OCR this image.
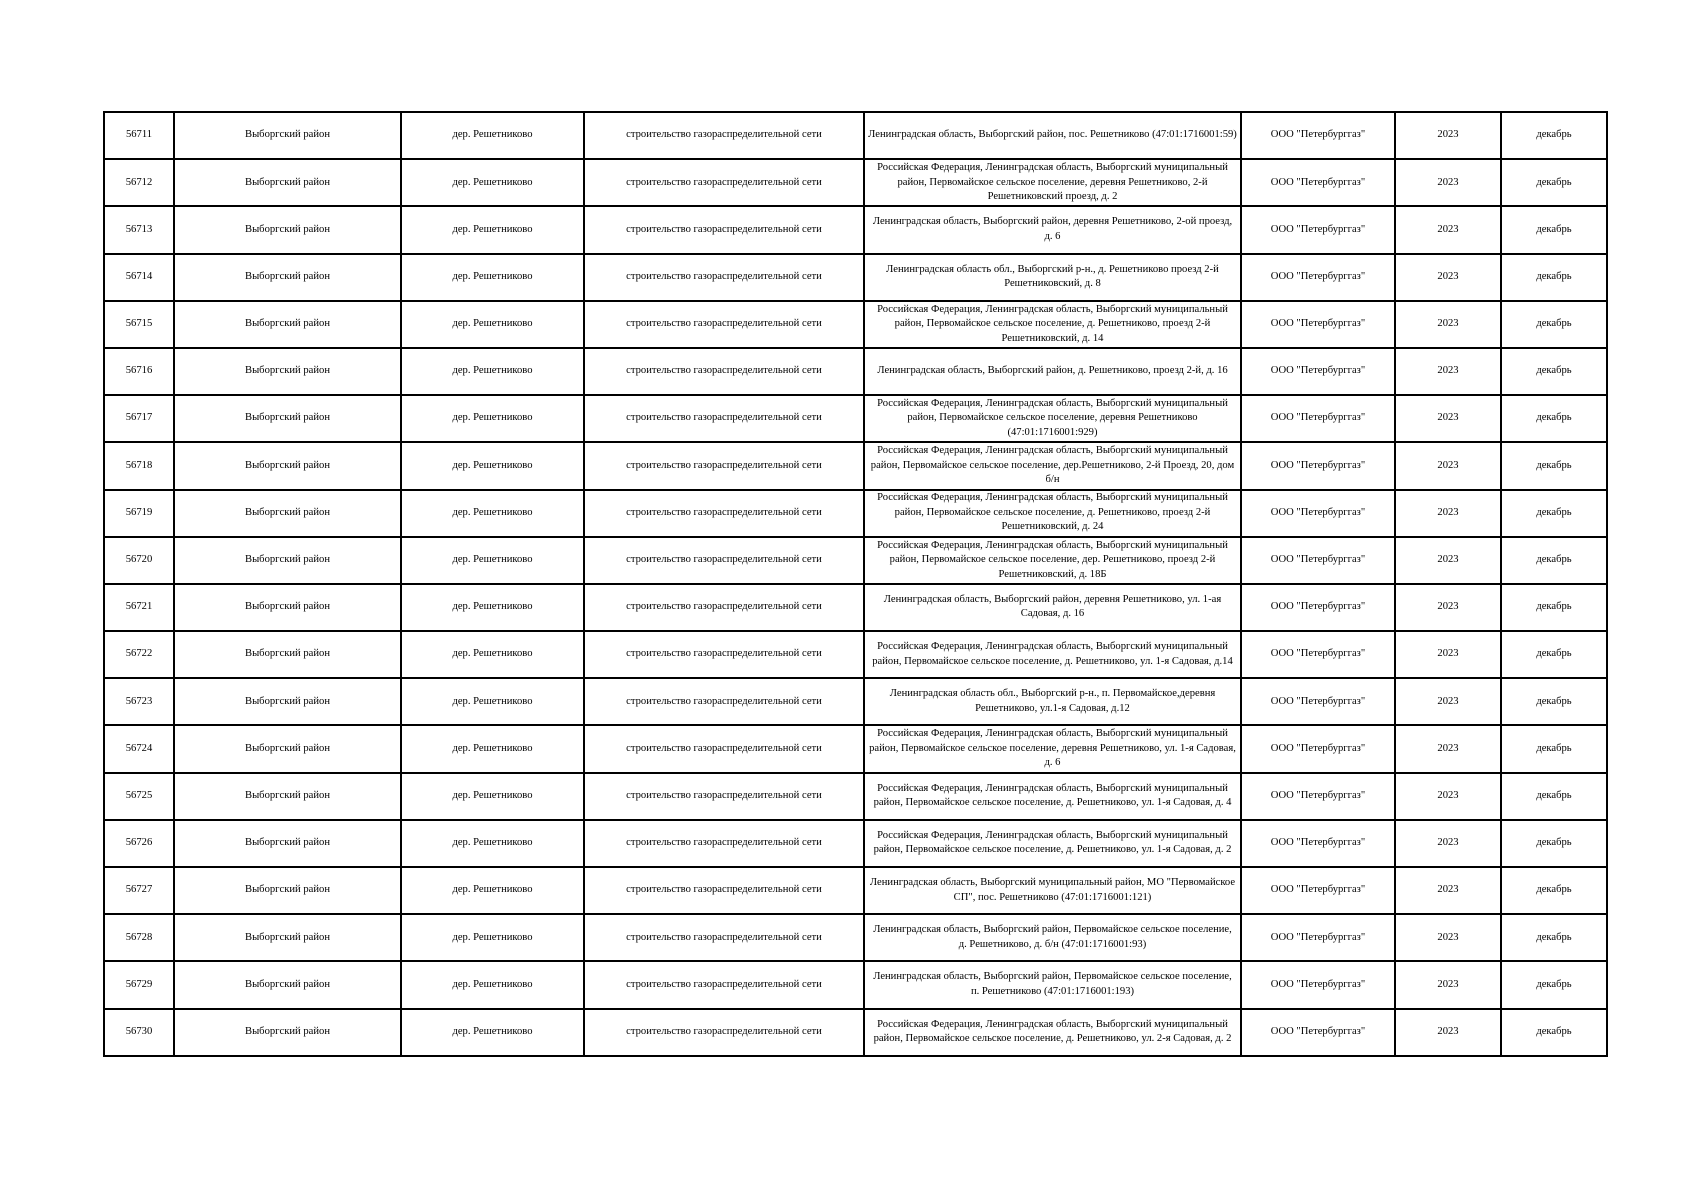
56711	Выборгский район	дер. Решетниково	строительство газораспределительной сети	Ленинградская область, Выборгский район, пос. Решетниково (47:01:1716001:59)	ООО "Петербурггаз"	2023	декабрь
56712	Выборгский район	дер. Решетниково	строительство газораспределительной сети	Российская Федерация, Ленинградская область, Выборгский муниципальный район, Первомайское сельское поселение, деревня Решетниково, 2-й Решетниковский проезд, д. 2	ООО "Петербурггаз"	2023	декабрь
56713	Выборгский район	дер. Решетниково	строительство газораспределительной сети	Ленинградская область, Выборгский район, деревня Решетниково, 2-ой проезд, д. 6	ООО "Петербурггаз"	2023	декабрь
56714	Выборгский район	дер. Решетниково	строительство газораспределительной сети	Ленинградская область обл., Выборгский р-н., д. Решетниково проезд 2-й Решетниковский, д. 8	ООО "Петербурггаз"	2023	декабрь
56715	Выборгский район	дер. Решетниково	строительство газораспределительной сети	Российская Федерация, Ленинградская область, Выборгский муниципальный район, Первомайское сельское поселение, д. Решетниково, проезд 2-й Решетниковский, д. 14	ООО "Петербурггаз"	2023	декабрь
56716	Выборгский район	дер. Решетниково	строительство газораспределительной сети	Ленинградская область, Выборгский район, д. Решетниково, проезд 2-й, д. 16	ООО "Петербурггаз"	2023	декабрь
56717	Выборгский район	дер. Решетниково	строительство газораспределительной сети	Российская Федерация, Ленинградская область, Выборгский муниципальный район, Первомайское сельское поселение, деревня Решетниково (47:01:1716001:929)	ООО "Петербурггаз"	2023	декабрь
56718	Выборгский район	дер. Решетниково	строительство газораспределительной сети	Российская Федерация, Ленинградская область, Выборгский муниципальный район, Первомайское сельское поселение, дер.Решетниково, 2-й Проезд, 20, дом б/н	ООО "Петербурггаз"	2023	декабрь
56719	Выборгский район	дер. Решетниково	строительство газораспределительной сети	Российская Федерация, Ленинградская область, Выборгский муниципальный район, Первомайское сельское поселение, д. Решетниково, проезд 2-й Решетниковский, д. 24	ООО "Петербурггаз"	2023	декабрь
56720	Выборгский район	дер. Решетниково	строительство газораспределительной сети	Российская Федерация, Ленинградская область, Выборгский муниципальный район, Первомайское сельское поселение, дер. Решетниково, проезд 2-й Решетниковский, д. 18Б	ООО "Петербурггаз"	2023	декабрь
56721	Выборгский район	дер. Решетниково	строительство газораспределительной сети	Ленинградская область, Выборгский район, деревня Решетниково, ул. 1-ая Садовая, д. 16	ООО "Петербурггаз"	2023	декабрь
56722	Выборгский район	дер. Решетниково	строительство газораспределительной сети	Российская Федерация, Ленинградская область, Выборгский муниципальный район, Первомайское сельское поселение, д. Решетниково, ул. 1-я Садовая, д.14	ООО "Петербурггаз"	2023	декабрь
56723	Выборгский район	дер. Решетниково	строительство газораспределительной сети	Ленинградская область обл., Выборгский р-н., п. Первомайское,деревня Решетниково, ул.1-я Садовая, д.12	ООО "Петербурггаз"	2023	декабрь
56724	Выборгский район	дер. Решетниково	строительство газораспределительной сети	Российская Федерация, Ленинградская область, Выборгский муниципальный район, Первомайское сельское поселение, деревня Решетниково, ул. 1-я Садовая, д. 6	ООО "Петербурггаз"	2023	декабрь
56725	Выборгский район	дер. Решетниково	строительство газораспределительной сети	Российская Федерация, Ленинградская область, Выборгский муниципальный район, Первомайское сельское поселение, д. Решетниково, ул. 1-я Садовая, д. 4	ООО "Петербурггаз"	2023	декабрь
56726	Выборгский район	дер. Решетниково	строительство газораспределительной сети	Российская Федерация, Ленинградская область, Выборгский муниципальный район, Первомайское сельское поселение, д. Решетниково, ул. 1-я Садовая, д. 2	ООО "Петербурггаз"	2023	декабрь
56727	Выборгский район	дер. Решетниково	строительство газораспределительной сети	Ленинградская область, Выборгский муниципальный район, МО "Первомайское СП", пос. Решетниково (47:01:1716001:121)	ООО "Петербурггаз"	2023	декабрь
56728	Выборгский район	дер. Решетниково	строительство газораспределительной сети	Ленинградская область, Выборгский район, Первомайское сельское поселение, д. Решетниково, д. б/н (47:01:1716001:93)	ООО "Петербурггаз"	2023	декабрь
56729	Выборгский район	дер. Решетниково	строительство газораспределительной сети	Ленинградская область, Выборгский район, Первомайское сельское поселение, п. Решетниково (47:01:1716001:193)	ООО "Петербурггаз"	2023	декабрь
56730	Выборгский район	дер. Решетниково	строительство газораспределительной сети	Российская Федерация, Ленинградская область, Выборгский муниципальный район, Первомайское сельское поселение, д. Решетниково, ул. 2-я Садовая, д. 2	ООО "Петербурггаз"	2023	декабрь
